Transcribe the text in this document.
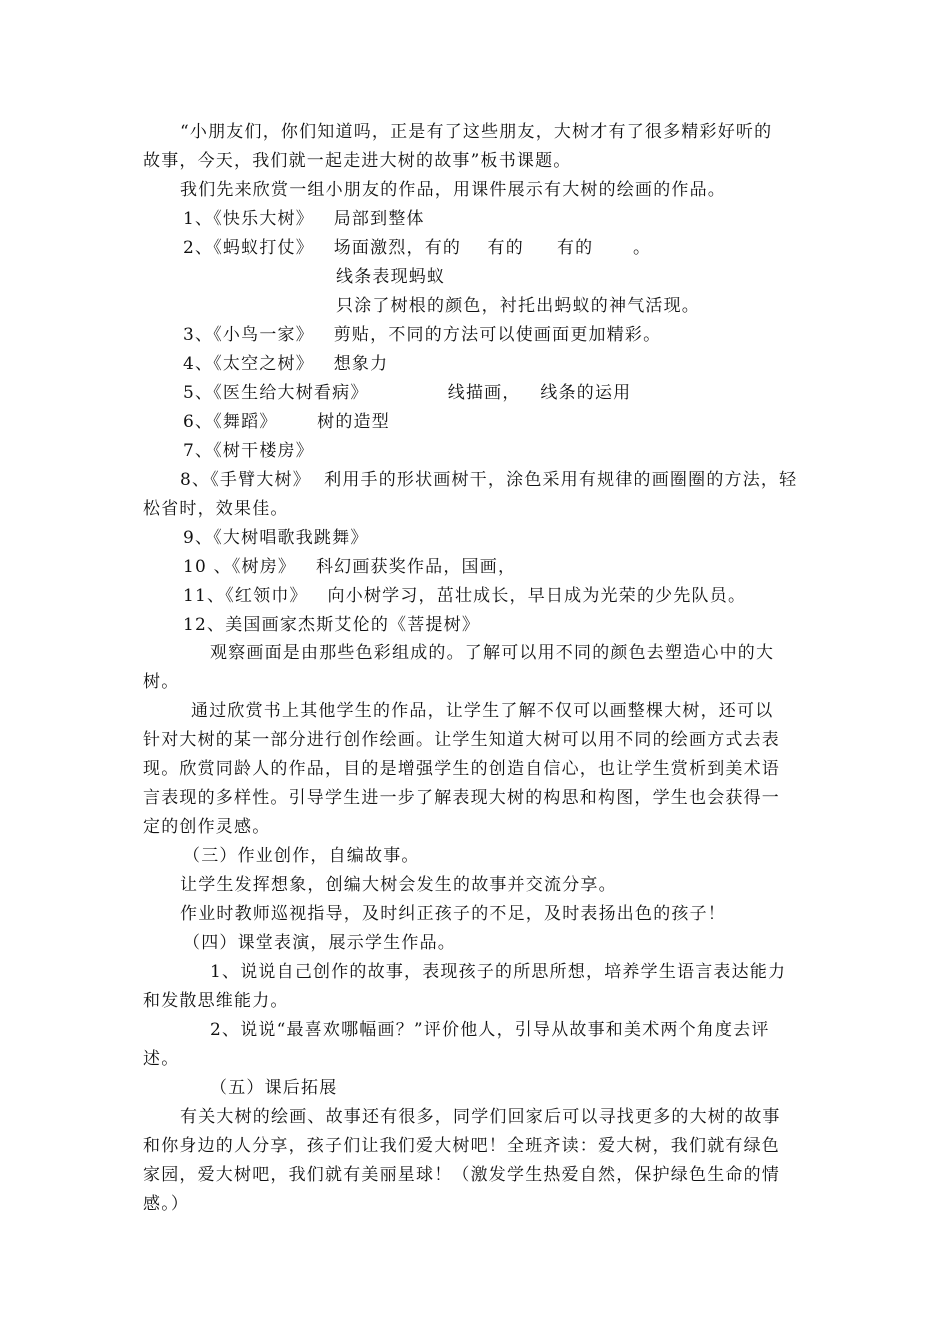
“小朋友们，你们知道吗，正是有了这些朋友，大树才有了很多精彩好听的
故事，今天，我们就一起走进大树的故事”板书课题。
我们先来欣赏一组小朋友的作品，用课件展示有大树的绘画的作品。
1、《快乐大树》   局部到整体
2、《蚂蚁打仗》   场面激烈，有的    有的     有的      。
线条表现蚂蚁
只涂了树根的颜色，衬托出蚂蚁的神气活现。
3、《小鸟一家》   剪贴，不同的方法可以使画面更加精彩。
4、《太空之树》   想象力
5、《医生给大树看病》            线描画，   线条的运用
6、《舞蹈》      树的造型
7、《树干楼房》
8、《手臂大树》  利用手的形状画树干，涂色采用有规律的画圈圈的方法，轻
松省时，效果佳。
9、《大树唱歌我跳舞》
10 、《树房》   科幻画获奖作品，国画，
11、《红领巾》   向小树学习，茁壮成长，早日成为光荣的少先队员。
12、美国画家杰斯艾伦的《菩提树》
观察画面是由那些色彩组成的。了解可以用不同的颜色去塑造心中的大
树。
通过欣赏书上其他学生的作品，让学生了解不仅可以画整棵大树，还可以
针对大树的某一部分进行创作绘画。让学生知道大树可以用不同的绘画方式去表
现。欣赏同龄人的作品，目的是增强学生的创造自信心，也让学生赏析到美术语
言表现的多样性。引导学生进一步了解表现大树的构思和构图，学生也会获得一
定的创作灵感。
（三）作业创作，自编故事。
让学生发挥想象，创编大树会发生的故事并交流分享。
作业时教师巡视指导，及时纠正孩子的不足，及时表扬出色的孩子！
（四）课堂表演，展示学生作品。
1、说说自己创作的故事，表现孩子的所思所想，培养学生语言表达能力
和发散思维能力。
2、说说“最喜欢哪幅画？”评价他人，引导从故事和美术两个角度去评
述。
（五）课后拓展
有关大树的绘画、故事还有很多，同学们回家后可以寻找更多的大树的故事
和你身边的人分享，孩子们让我们爱大树吧！全班齐读：爱大树，我们就有绿色
家园，爱大树吧，我们就有美丽星球！（激发学生热爱自然，保护绿色生命的情
感。）
